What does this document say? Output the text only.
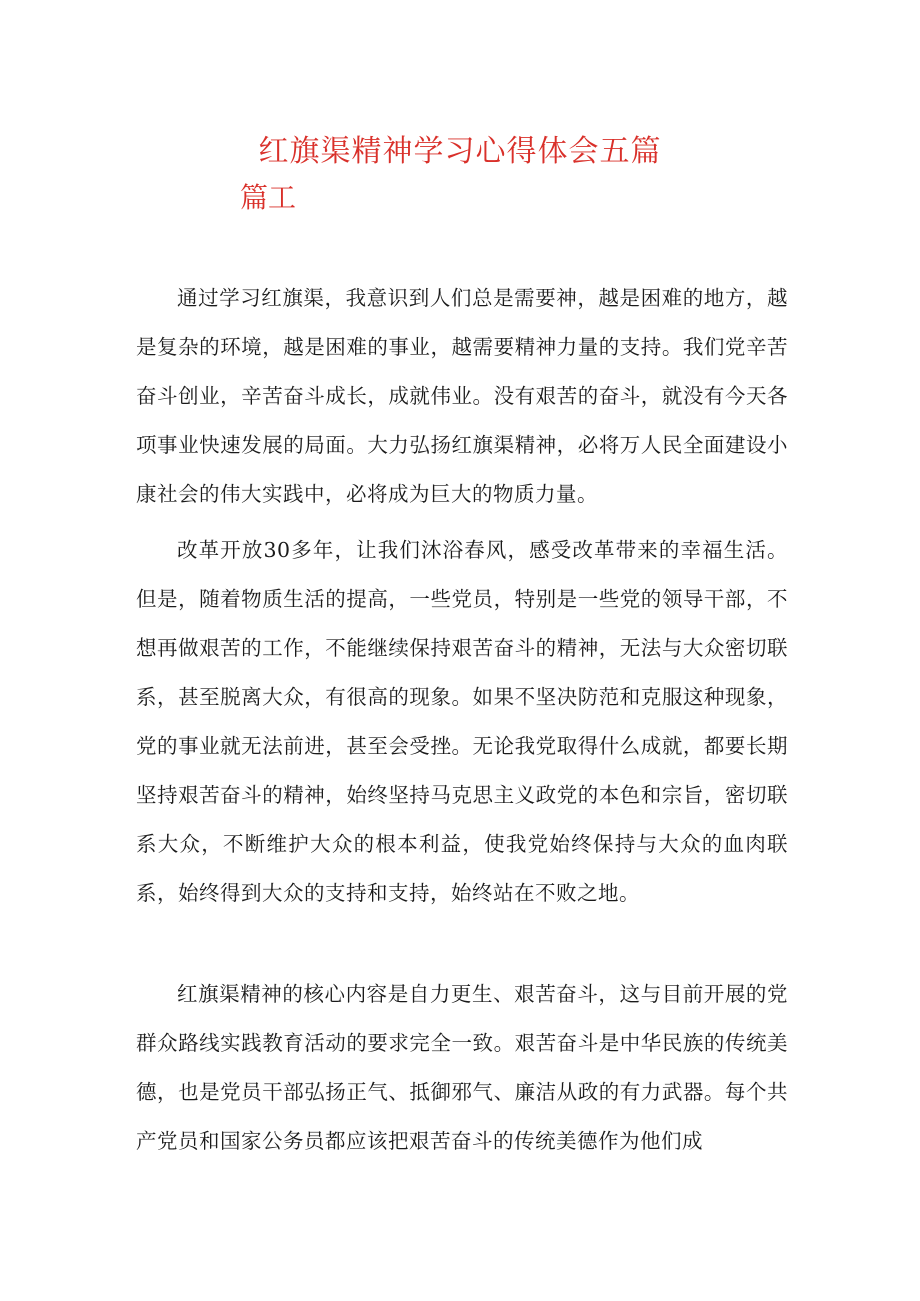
红旗渠精神学习心得体会五篇
篇工

通过学习红旗渠，我意识到人们总是需要神，越是困难的地方，越是复杂的环境，越是困难的事业，越需要精神力量的支持。我们党辛苦奋斗创业，辛苦奋斗成长，成就伟业。没有艰苦的奋斗，就没有今天各项事业快速发展的局面。大力弘扬红旗渠精神，必将万人民全面建设小康社会的伟大实践中，必将成为巨大的物质力量。

改革开放30多年，让我们沐浴春风，感受改革带来的幸福生活。但是，随着物质生活的提高，一些党员，特别是一些党的领导干部，不想再做艰苦的工作，不能继续保持艰苦奋斗的精神，无法与大众密切联系，甚至脱离大众，有很高的现象。如果不坚决防范和克服这种现象，党的事业就无法前进，甚至会受挫。无论我党取得什么成就，都要长期坚持艰苦奋斗的精神，始终坚持马克思主义政党的本色和宗旨，密切联系大众，不断维护大众的根本利益，使我党始终保持与大众的血肉联系，始终得到大众的支持和支持，始终站在不败之地。

红旗渠精神的核心内容是自力更生、艰苦奋斗，这与目前开展的党群众路线实践教育活动的要求完全一致。艰苦奋斗是中华民族的传统美德，也是党员干部弘扬正气、抵御邪气、廉洁从政的有力武器。每个共产党员和国家公务员都应该把艰苦奋斗的传统美德作为他们成
